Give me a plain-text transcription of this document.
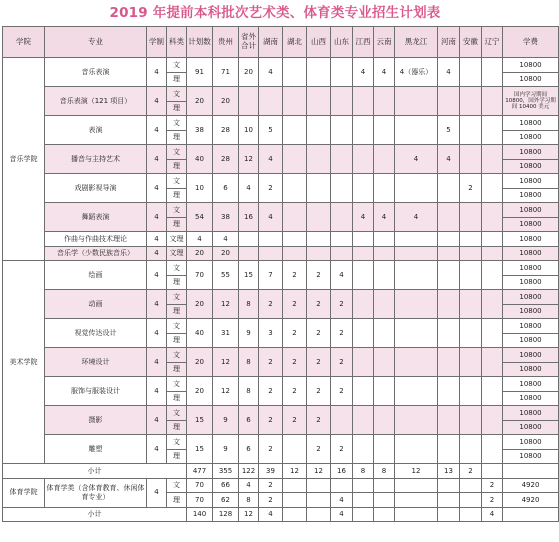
2019 年提前本科批次艺术类、体育类专业招生计划表
学院	专业	学制	科类	计划数	贵州	省外合计	湖南	湖北	山西	山东	江西	云南	黑龙江	河南	安徽	辽宁	学费
音乐学院	音乐表演	4	文	91	71	20	4				4	4	4（器乐）	4			10800
			理														10800
	音乐表演（121 项目）	4	文	20	20												国内学习期间 10800，国外学习期间 10400 美元
			理														
	表演	4	文	38	28	10	5							5			10800
			理														10800
	播音与主持艺术	4	文	40	28	12	4						4	4			10800
			理														10800
	戏剧影视导演	4	文	10	6	4	2								2		10800
			理														10800
	舞蹈表演	4	文	54	38	16	4				4	4	4				10800
			理														10800
	作曲与作曲技术理论	4	文理	4	4												10800
	音乐学（少数民族音乐）	4	文理	20	20												10800
美术学院	绘画	4	文	70	55	15	7	2	2	4							10800
			理														10800
	动画	4	文	20	12	8	2	2	2	2							10800
			理														10800
	视觉传达设计	4	文	40	31	9	3	2	2	2							10800
			理														10800
	环境设计	4	文	20	12	8	2	2	2	2							10800
			理														10800
	服饰与服装设计	4	文	20	12	8	2	2	2	2							10800
			理														10800
	摄影	4	文	15	9	6	2	2	2								10800
			理														10800
	雕塑	4	文	15	9	6	2		2	2							10800
			理														10800
小计				477	355	122	39	12	12	16	8	8	12	13	2		
体育学院	体育学类（含体育教育、休闲体育专业）	4	文	70	66	4	2									2	4920
			理	70	62	8	2			4						2	4920
小计				140	128	12	4			4						4	
